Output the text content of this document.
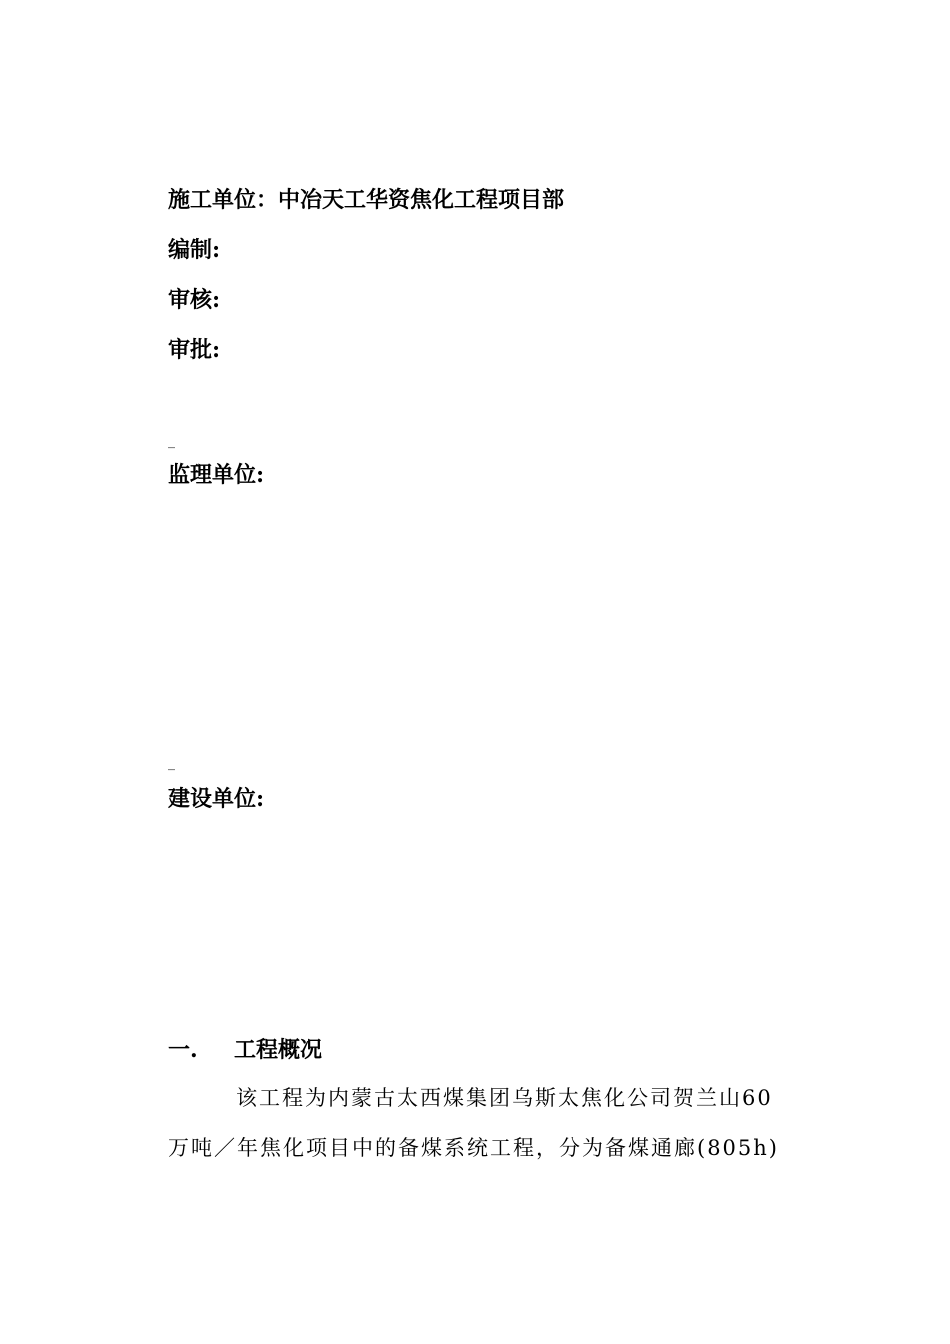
施工单位：中冶天工华资焦化工程项目部
编制:
审核:
审批:
_
监理单位:
_
建设单位:
一. 工程概况
该工程为内蒙古太西煤集团乌斯太焦化公司贺兰山60
万吨／年焦化项目中的备煤系统工程，分为备煤通廊(805h)
